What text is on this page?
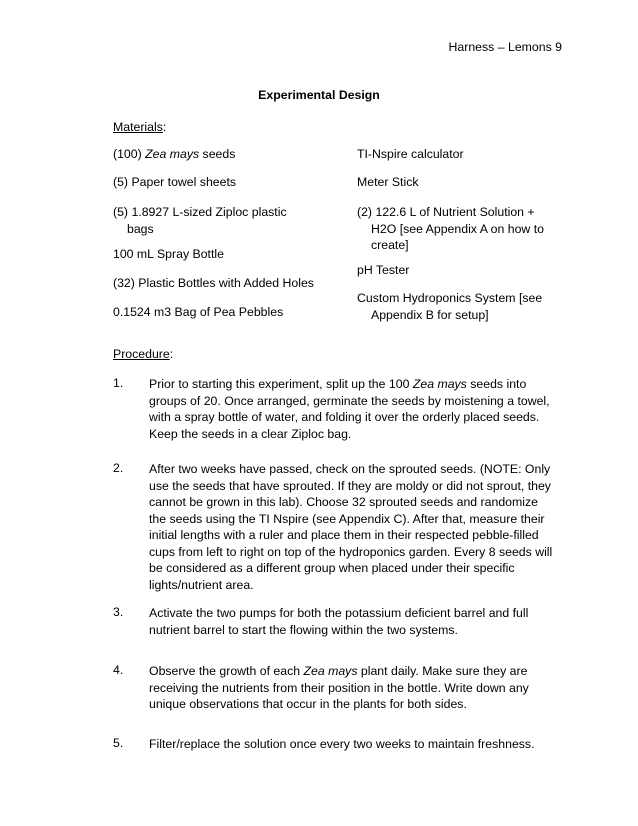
Harness – Lemons 9
Experimental Design
Materials:
(100) Zea mays seeds
(5) Paper towel sheets
(5) 1.8927 L-sized Ziploc plastic
bags
100 mL Spray Bottle
(32) Plastic Bottles with Added Holes
0.1524 m3 Bag of Pea Pebbles
TI-Nspire calculator
Meter Stick
(2) 122.6 L of Nutrient Solution +
H2O [see Appendix A on how to
create]
pH Tester
Custom Hydroponics System [see
Appendix B for setup]
Procedure:
1. Prior to starting this experiment, split up the 100 Zea mays seeds into
groups of 20. Once arranged, germinate the seeds by moistening a towel,
with a spray bottle of water, and folding it over the orderly placed seeds.
Keep the seeds in a clear Ziploc bag.
2. After two weeks have passed, check on the sprouted seeds. (NOTE: Only
use the seeds that have sprouted. If they are moldy or did not sprout, they
cannot be grown in this lab). Choose 32 sprouted seeds and randomize
the seeds using the TI Nspire (see Appendix C). After that, measure their
initial lengths with a ruler and place them in their respected pebble-filled
cups from left to right on top of the hydroponics garden. Every 8 seeds will
be considered as a different group when placed under their specific
lights/nutrient area.
3. Activate the two pumps for both the potassium deficient barrel and full
nutrient barrel to start the flowing within the two systems.
4. Observe the growth of each Zea mays plant daily. Make sure they are
receiving the nutrients from their position in the bottle. Write down any
unique observations that occur in the plants for both sides.
5. Filter/replace the solution once every two weeks to maintain freshness.
